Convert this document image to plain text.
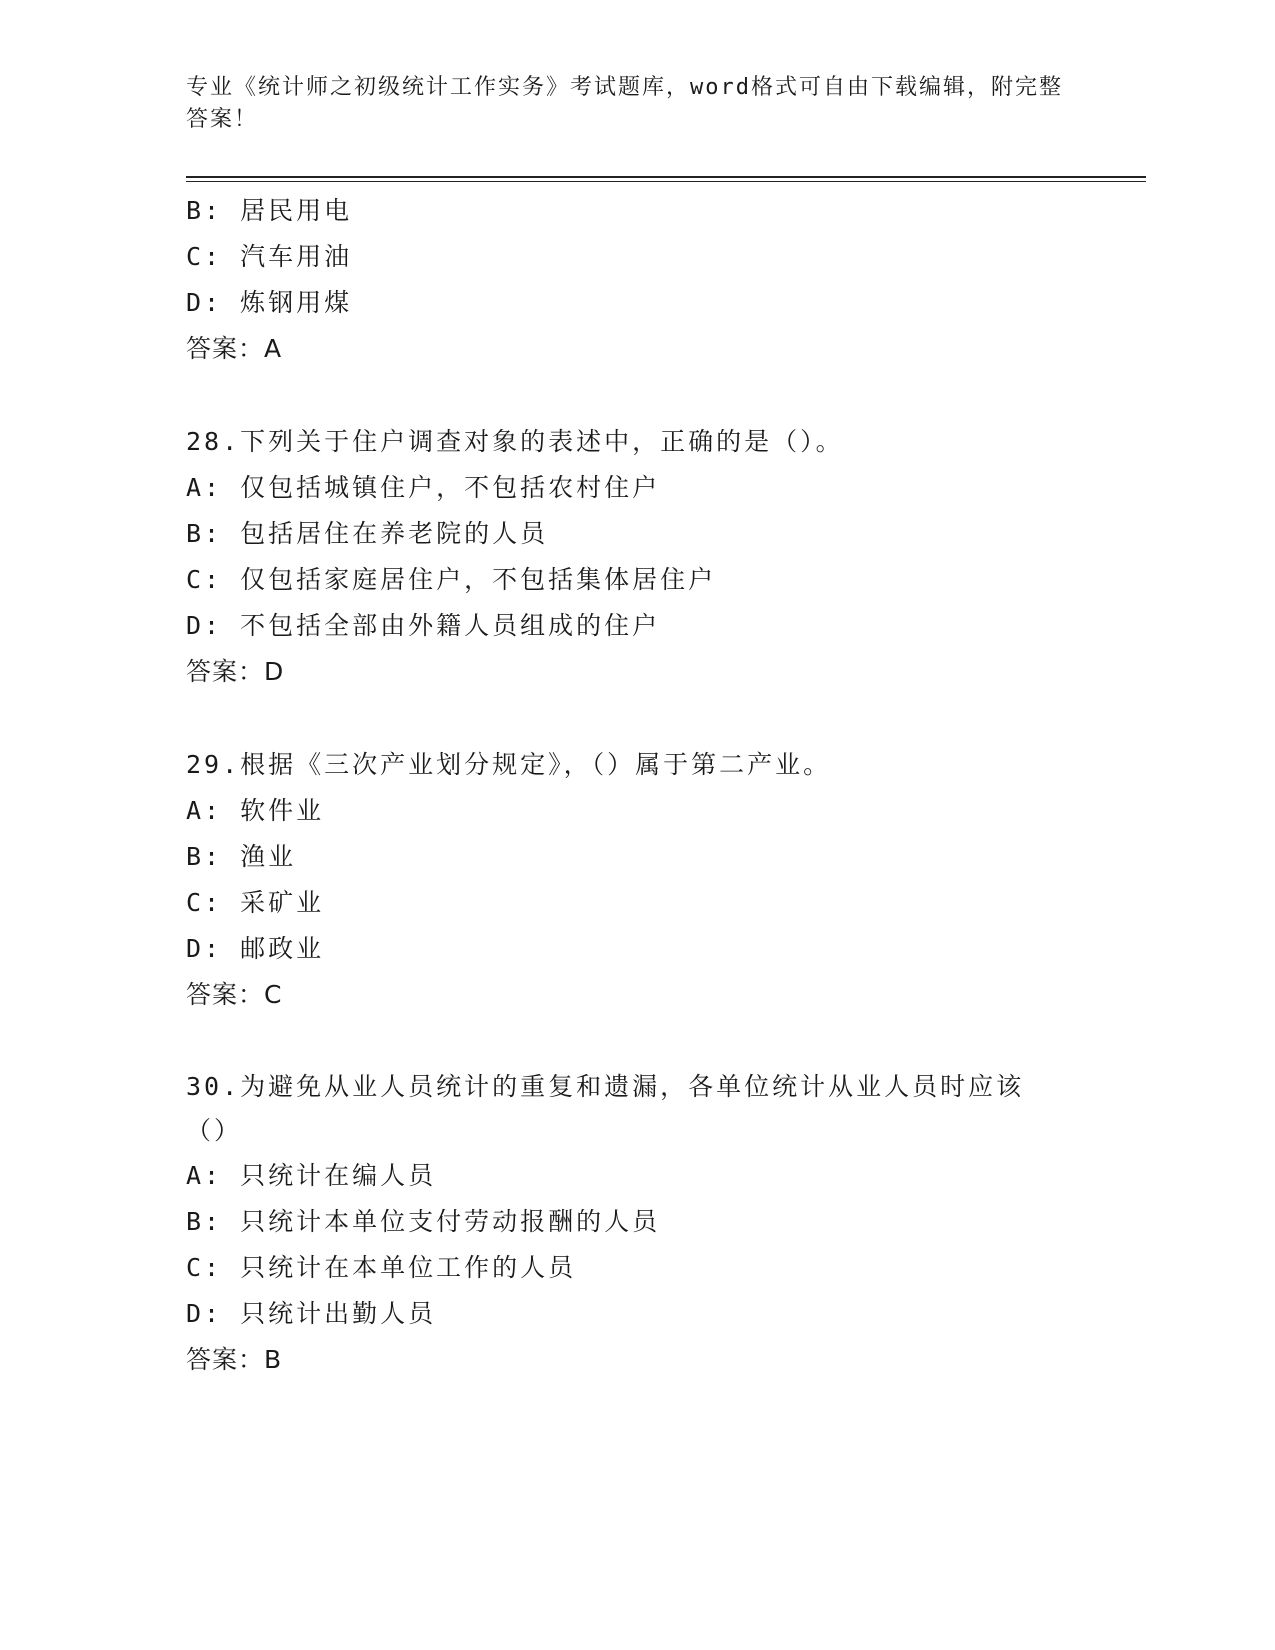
专业《统计师之初级统计工作实务》考试题库，word格式可自由下载编辑，附完整答案！
B: 居民用电
C: 汽车用油
D: 炼钢用煤
答案：A
28.下列关于住户调查对象的表述中，正确的是（）。
A: 仅包括城镇住户，不包括农村住户
B: 包括居住在养老院的人员
C: 仅包括家庭居住户，不包括集体居住户
D: 不包括全部由外籍人员组成的住户
答案：D
29.根据《三次产业划分规定》，（）属于第二产业。
A: 软件业
B: 渔业
C: 采矿业
D: 邮政业
答案：C
30.为避免从业人员统计的重复和遗漏，各单位统计从业人员时应该（）
A: 只统计在编人员
B: 只统计本单位支付劳动报酬的人员
C: 只统计在本单位工作的人员
D: 只统计出勤人员
答案：B
